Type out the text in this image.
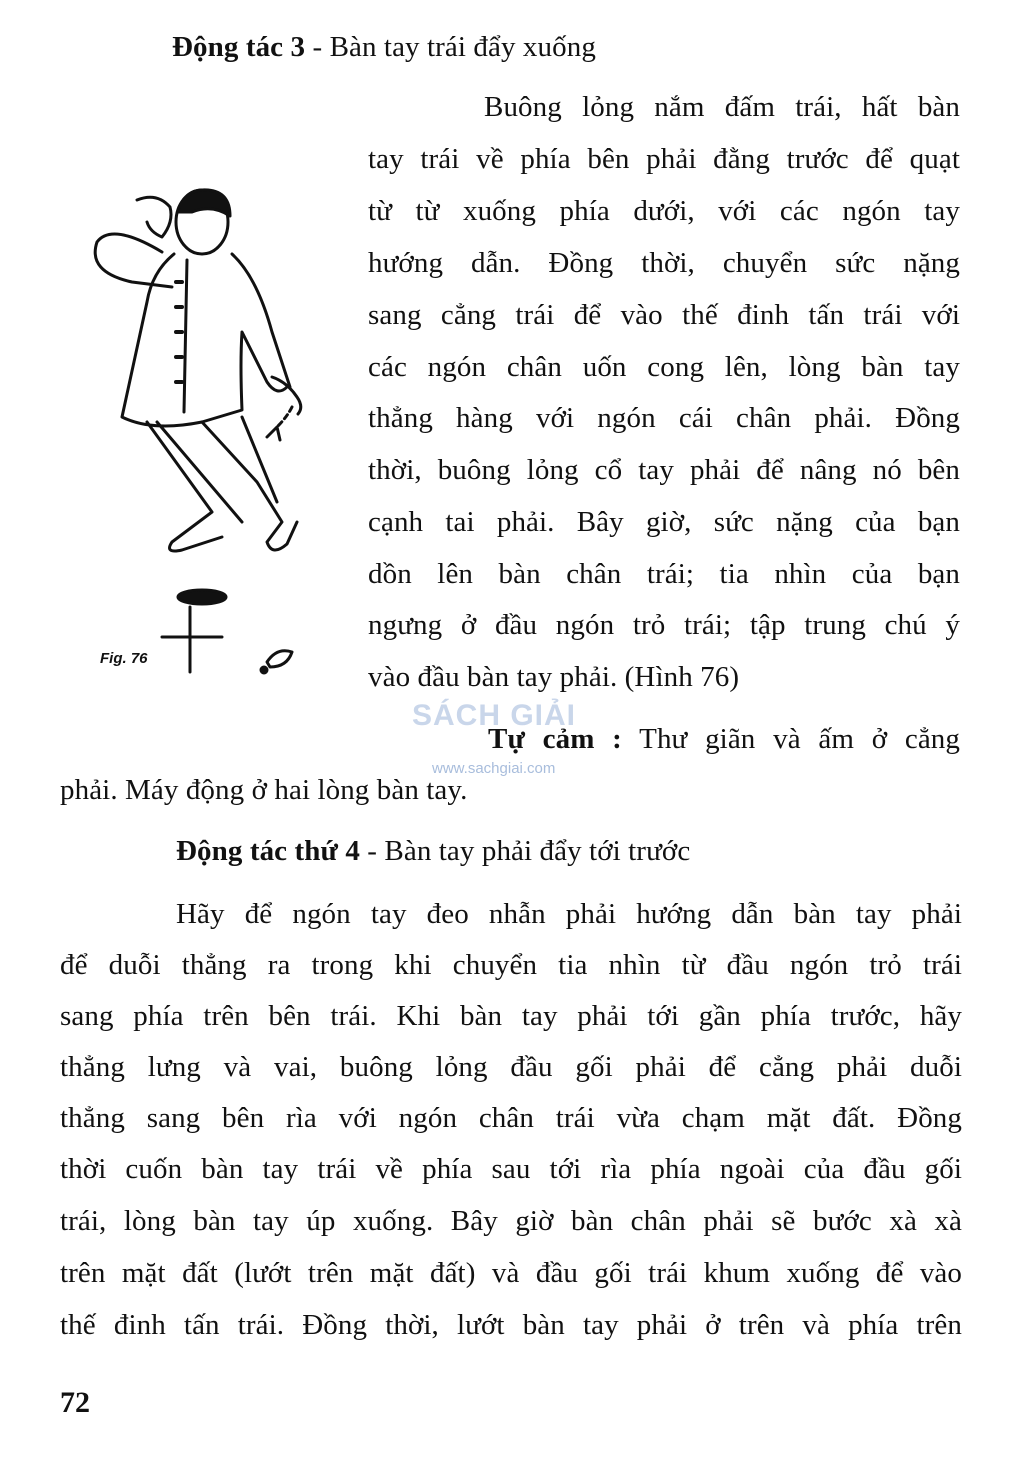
Động tác 3 - Bàn tay trái đẩy xuống
Buông lỏng nắm đấm trái, hất bàn
tay trái về phía bên phải đằng trước để quạt
từ từ xuống phía dưới, với các ngón tay
hướng dẫn. Đồng thời, chuyển sức nặng
sang cẳng trái để vào thế đinh tấn trái với
các ngón chân uốn cong lên, lòng bàn tay
thẳng hàng với ngón cái chân phải. Đồng
thời, buông lỏng cổ tay phải để nâng nó bên
cạnh tai phải. Bây giờ, sức nặng của bạn
dồn lên bàn chân trái; tia nhìn của bạn
ngưng ở đầu ngón trỏ trái; tập trung chú ý
vào đầu bàn tay phải. (Hình 76)
Fig. 76
SÁCH GIẢI
www.sachgiai.com
Tự cảm : Thư giãn và ấm ở cẳng
phải. Máy động ở hai lòng bàn tay.
Động tác thứ 4 - Bàn tay phải đẩy tới trước
Hãy để ngón tay đeo nhẫn phải hướng dẫn bàn tay phải
để duỗi thẳng ra trong khi chuyển tia nhìn từ đầu ngón trỏ trái
sang phía trên bên trái. Khi bàn tay phải tới gần phía trước, hãy
thẳng lưng và vai, buông lỏng đầu gối phải để cẳng phải duỗi
thẳng sang bên rìa với ngón chân trái vừa chạm mặt đất. Đồng
thời cuốn bàn tay trái về phía sau tới rìa phía ngoài của đầu gối
trái, lòng bàn tay úp xuống. Bây giờ bàn chân phải sẽ bước xà xà
trên mặt đất (lướt trên mặt đất) và đầu gối trái khum xuống để vào
thế đinh tấn trái. Đồng thời, lướt bàn tay phải ở trên và phía trên
72
